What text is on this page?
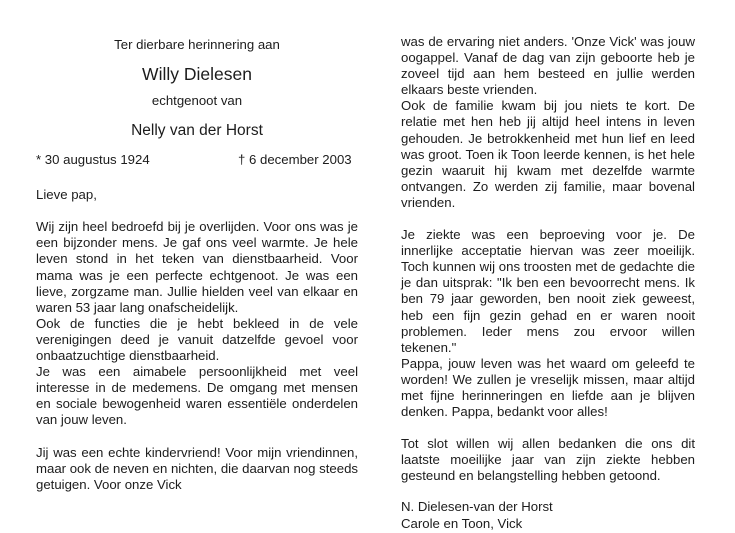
Ter dierbare herinnering aan
Willy Dielesen
echtgenoot van
Nelly van der Horst
* 30 augustus 1924	† 6 december 2003
Lieve pap,

Wij zijn heel bedroefd bij je overlijden. Voor ons was je een bijzonder mens. Je gaf ons veel warmte. Je hele leven stond in het teken van dienstbaarheid. Voor mama was je een perfecte echtgenoot. Je was een lieve, zorgzame man. Jullie hielden veel van elkaar en waren 53 jaar lang onafscheidelijk.

Ook de functies die je hebt bekleed in de vele verenigingen deed je vanuit datzelfde gevoel voor onbaatzuchtige dienstbaarheid.

Je was een aimabele persoonlijkheid met veel interesse in de medemens. De omgang met mensen en sociale bewogenheid waren essentiële onderdelen van jouw leven.

Jij was een echte kindervriend! Voor mijn vriendinnen, maar ook de neven en nichten, die daarvan nog steeds getuigen. Voor onze Vick

was de ervaring niet anders. 'Onze Vick' was jouw oogappel. Vanaf de dag van zijn geboorte heb je zoveel tijd aan hem besteed en jullie werden elkaars beste vrienden.

Ook de familie kwam bij jou niets te kort. De relatie met hen heb jij altijd heel intens in leven gehouden. Je betrokkenheid met hun lief en leed was groot. Toen ik Toon leerde kennen, is het hele gezin waaruit hij kwam met dezelfde warmte ontvangen. Zo werden zij familie, maar bovenal vrienden.

Je ziekte was een beproeving voor je. De innerlijke acceptatie hiervan was zeer moeilijk. Toch kunnen wij ons troosten met de gedachte die je dan uitsprak: "Ik ben een bevoorrecht mens. Ik ben 79 jaar geworden, ben nooit ziek geweest, heb een fijn gezin gehad en er waren nooit problemen. Ieder mens zou ervoor willen tekenen."

Pappa, jouw leven was het waard om geleefd te worden! We zullen je vreselijk missen, maar altijd met fijne herinneringen en liefde aan je blijven denken. Pappa, bedankt voor alles!

Tot slot willen wij allen bedanken die ons dit laatste moeilijke jaar van zijn ziekte hebben gesteund en belangstelling hebben getoond.

N. Dielesen-van der Horst
Carole en Toon, Vick
